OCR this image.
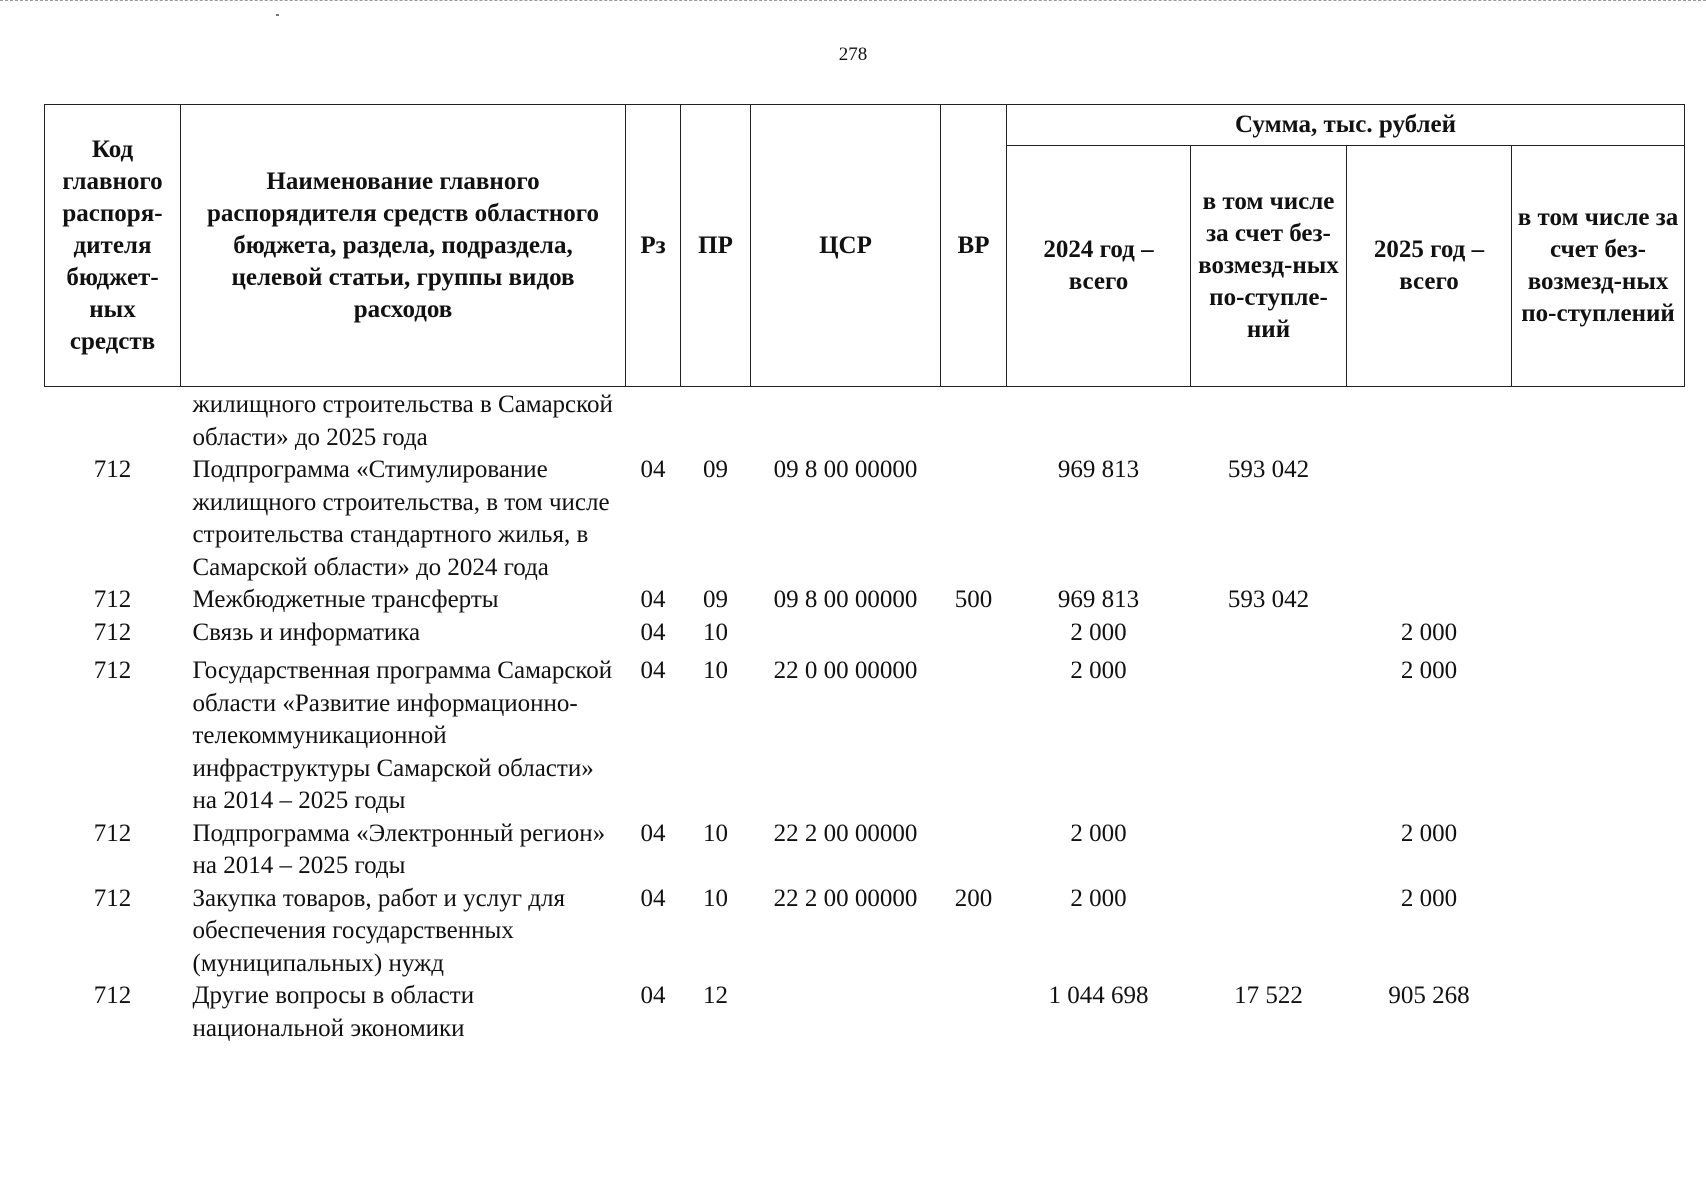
278
Код главного распоря-дителя бюджет-ных средств	Наименование главного распорядителя средств областного бюджета, раздела, подраздела, целевой статьи, группы видов расходов	Рз	ПР	ЦСР	ВР	Сумма, тыс. рублей			
						2024 год – всего	в том числе за счет без-возмезд-ных по-ступле-ний	2025 год – всего	в том числе за счет без-возмезд-ных по-ступлений
	жилищного строительства в Самарской области» до 2025 года								
712	Подпрограмма «Стимулирование жилищного строительства, в том числе строительства стандартного жилья, в Самарской области» до 2024 года	04	09	09 8 00 00000		969 813	593 042		
712	Межбюджетные трансферты	04	09	09 8 00 00000	500	969 813	593 042		
712	Связь и информатика	04	10			2 000		2 000	
712	Государственная программа Самарской области «Развитие информационно-телекоммуникационной инфраструктуры Самарской области» на 2014 – 2025 годы	04	10	22 0 00 00000		2 000		2 000	
712	Подпрограмма «Электронный регион» на 2014 – 2025 годы	04	10	22 2 00 00000		2 000		2 000	
712	Закупка товаров, работ и услуг для обеспечения государственных (муниципальных) нужд	04	10	22 2 00 00000	200	2 000		2 000	
712	Другие вопросы в области национальной экономики	04	12			1 044 698	17 522	905 268	
